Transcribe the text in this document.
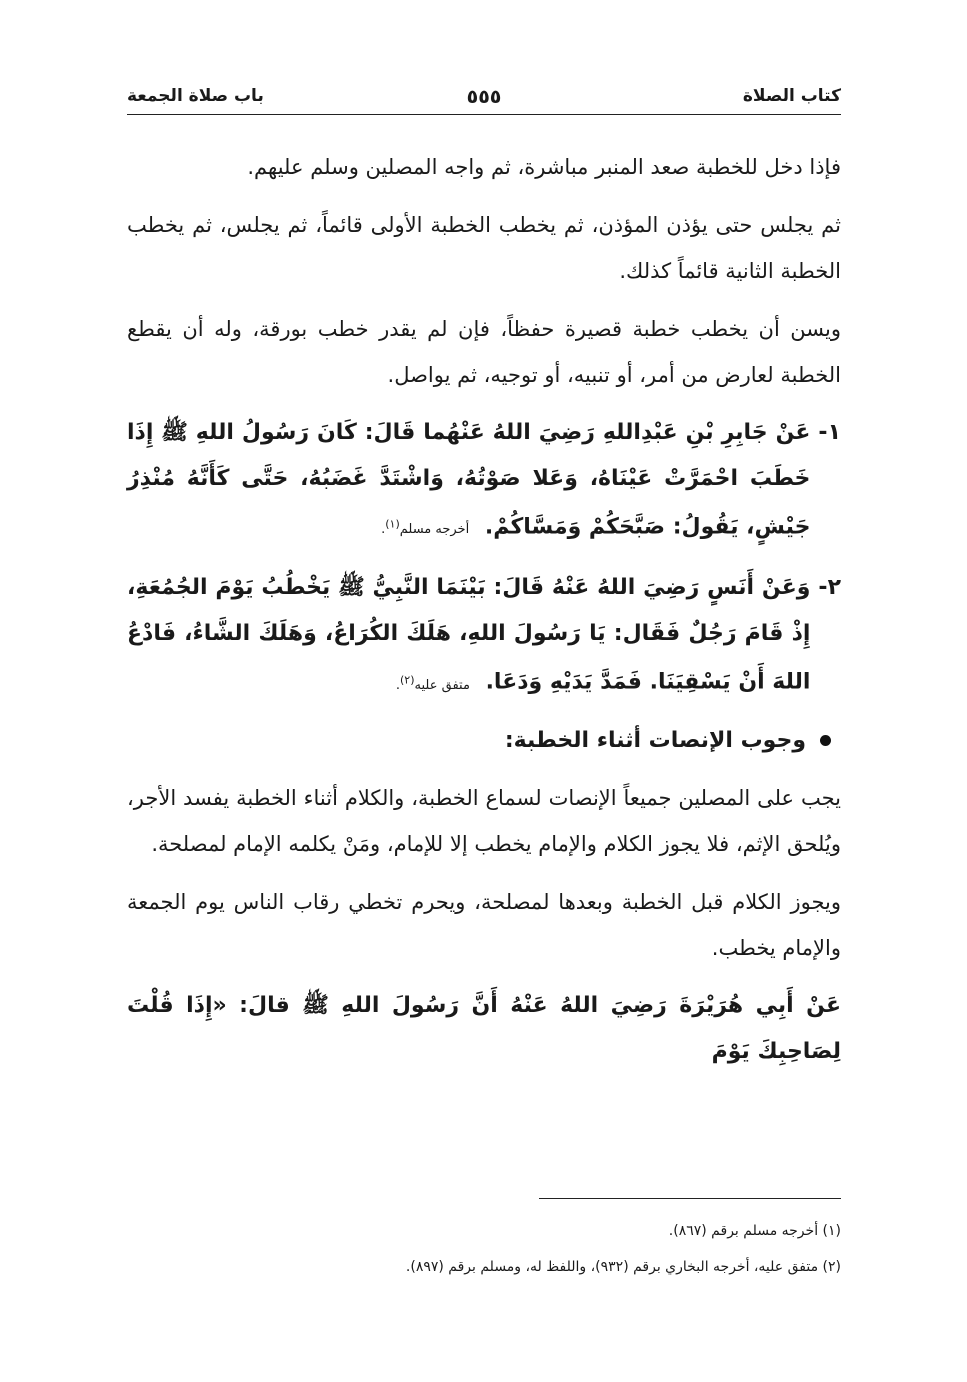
كتاب الصلاة
٥٥٥
باب صلاة الجمعة

فإذا دخل للخطبة صعد المنبر مباشرة، ثم واجه المصلين وسلم عليهم.

ثم يجلس حتى يؤذن المؤذن، ثم يخطب الخطبة الأولى قائماً، ثم يجلس، ثم يخطب الخطبة الثانية قائماً كذلك.

ويسن أن يخطب خطبة قصيرة حفظاً، فإن لم يقدر خطب بورقة، وله أن يقطع الخطبة لعارض من أمر، أو تنبيه، أو توجيه، ثم يواصل.

١-
عَنْ جَابِرِ بْنِ عَبْدِاللهِ رَضِيَ اللهُ عَنْهُما قَالَ: كَانَ رَسُولُ اللهِ ﷺ إِذَا خَطَبَ احْمَرَّتْ عَيْنَاهُ، وَعَلا صَوْتُهُ، وَاشْتَدَّ غَضَبُهُ، حَتَّى كَأَنَّهُ مُنْذِرُ جَيْشٍ، يَقُولُ: صَبَّحَكُمْ وَمَسَّاكُمْ. أخرجه مسلم$^{(١)}$.
٢-
وَعَنْ أَنَسٍ رَضِيَ اللهُ عَنْهُ قَالَ: بَيْنَمَا النَّبِيُّ ﷺ يَخْطُبُ يَوْمَ الجُمُعَةِ، إِذْ قَامَ رَجُلٌ فَقَال: يَا رَسُولَ اللهِ، هَلَكَ الكُرَاعُ، وَهَلَكَ الشَّاءُ، فَادْعُ اللهَ أَنْ يَسْقِيَنَا. فَمَدَّ يَدَيْهِ وَدَعَا. متفق عليه$^{(٢)}$.
وجوب الإنصات أثناء الخطبة:

يجب على المصلين جميعاً الإنصات لسماع الخطبة، والكلام أثناء الخطبة يفسد الأجر، ويُلحق الإثم، فلا يجوز الكلام والإمام يخطب إلا للإمام، ومَنْ يكلمه الإمام لمصلحة.

ويجوز الكلام قبل الخطبة وبعدها لمصلحة، ويحرم تخطي رقاب الناس يوم الجمعة والإمام يخطب.

عَنْ أَبِي هُرَيْرَةَ رَضِيَ اللهُ عَنْهُ أَنَّ رَسُولَ اللهِ ﷺ قالَ: «إِذَا قُلْتَ لِصَاحِبِكَ يَوْمَ

(١) أخرجه مسلم برقم (٨٦٧).

(٢) متفق عليه، أخرجه البخاري برقم (٩٣٢)، واللفظ له، ومسلم برقم (٨٩٧).
